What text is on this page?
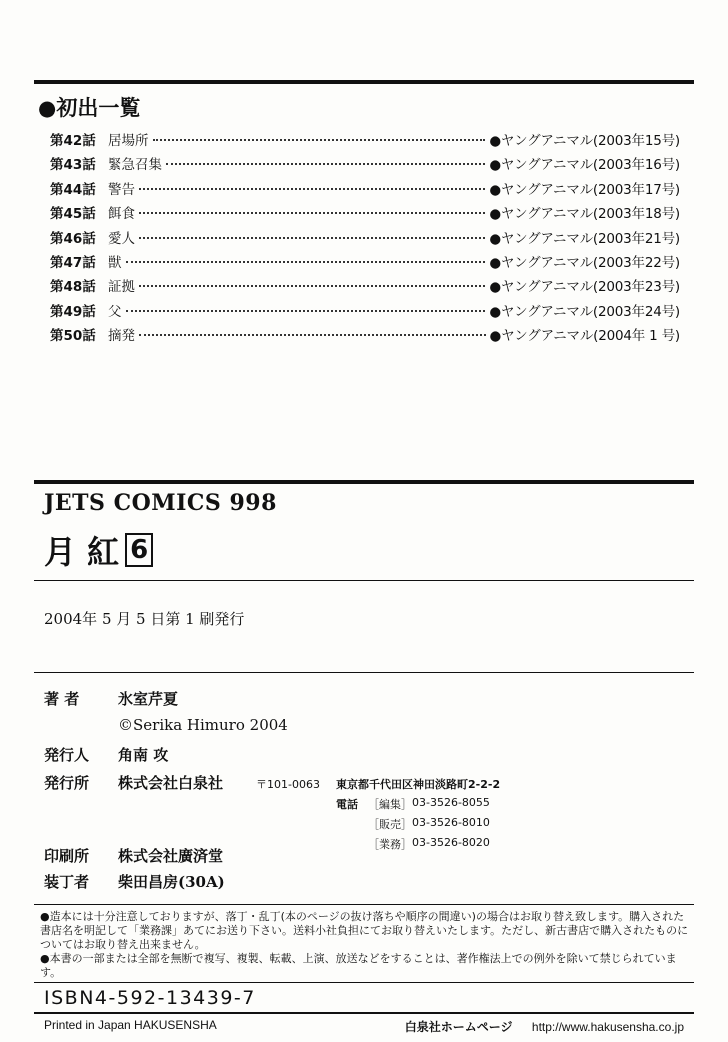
●初出一覧
第42話 居場所	●ヤングアニマル(2003年15号)
第43話 緊急召集	●ヤングアニマル(2003年16号)
第44話 警告	●ヤングアニマル(2003年17号)
第45話 餌食	●ヤングアニマル(2003年18号)
第46話 愛人	●ヤングアニマル(2003年21号)
第47話 獣	●ヤングアニマル(2003年22号)
第48話 証拠	●ヤングアニマル(2003年23号)
第49話 父	●ヤングアニマル(2003年24号)
第50話 摘発	●ヤングアニマル(2004年 1 号)
JETS COMICS 998
月 紅 6
2004年 5 月 5 日第 1 刷発行
著 者	氷室芹夏
©Serika Himuro 2004
発行人 角南 攻
発行所 株式会社白泉社	〒101-0063 東京都千代田区神田淡路町2-2-2
電話 ［編集］ 03-3526-8055
［販売］ 03-3526-8010
［業務］ 03-3526-8020
印刷所 株式会社廣済堂
装丁者 柴田昌房(30A)
●造本には十分注意しておりますが、落丁・乱丁(本のページの抜け落ちや順序の間違い)の場合はお取り替え致します。購入された書店名を明記して「業務課」あてにお送り下さい。送料小社負担にてお取り替えいたします。ただし、新古書店で購入されたものについてはお取り替え出来ません。
●本書の一部または全部を無断で複写、複製、転載、上演、放送などをすることは、著作権法上での例外を除いて禁じられています。
ISBN4-592-13439-7
Printed in Japan HAKUSENSHA	白泉社ホームページ http://www.hakusensha.co.jp
